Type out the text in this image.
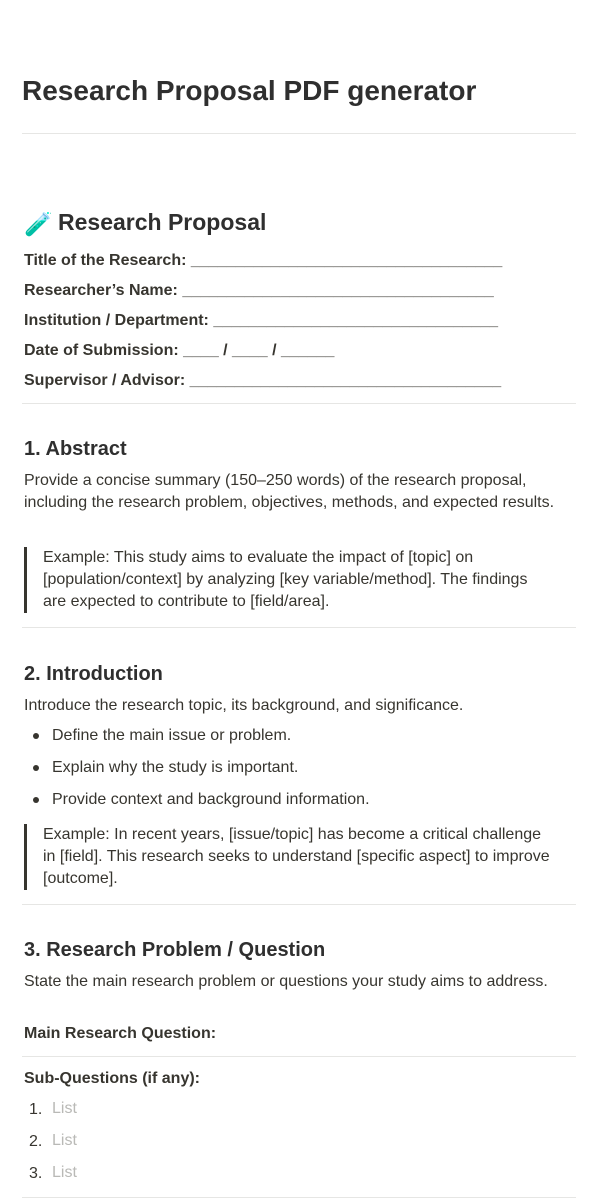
Research Proposal PDF generator
🧪 Research Proposal
Title of the Research: ___________________________________
Researcher’s Name: ___________________________________
Institution / Department: ________________________________
Date of Submission: ____ / ____ / ______
Supervisor / Advisor: ___________________________________
1. Abstract

Provide a concise summary (150–250 words) of the research proposal, including the research problem, objectives, methods, and expected results.

Example: This study aims to evaluate the impact of [topic] on [population/context] by analyzing [key variable/method]. The findings are expected to contribute to [field/area].
2. Introduction

Introduce the research topic, its background, and significance.

Define the main issue or problem.
Explain why the study is important.
Provide context and background information.
Example: In recent years, [issue/topic] has become a critical challenge in [field]. This research seeks to understand [specific aspect] to improve [outcome].
3. Research Problem / Question

State the main research problem or questions your study aims to address.

Main Research Question:
Sub-Questions (if any):
1. List
2. List
3. List
